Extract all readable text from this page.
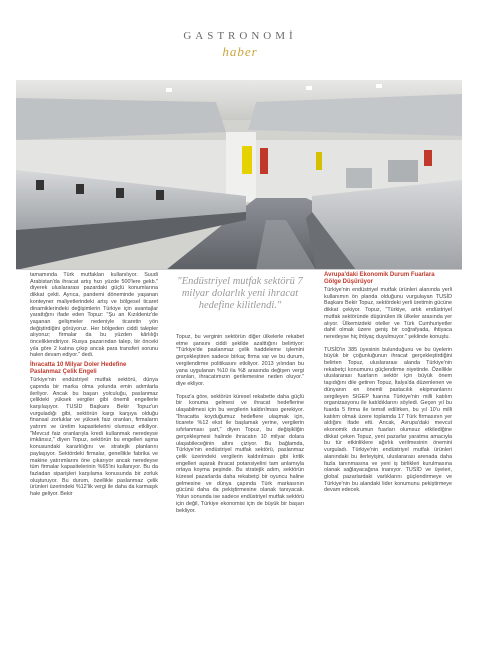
GASTRONOMİ
haber

tamamında Türk mutfakları kullanılıyor. Suudi Arabistan'da ihracat artış hızı yüzde 500'lere gekb." diyerek uluslararası pazardaki güçlü konumlarına dikkat çekti. Ayrıca, pandemi döneminde yaşanan konteyner maliyetlerindeki artış ve bölgesel ticaret dinamiklerindeki değişimlerin Türkiye için avantajlar yarattığını ifade eden Topuz: "Şu an Kızıldeniz'de yaşanan gelişmeler nedeniyle ticaretin yön değiştirdiğini görüyoruz. Her bölgeden ciddi talepler alıyoruz; firmalar da bu yüzden kârlılığı önceliklendiriyor. Rusya pazarından talep, bir önceki yıla göre 2 katına çıkıp ancak para transferi sorunu halen devam ediyor." dedi.

İhracatta 10 Milyar Doler Hedefine Paslanmaz Çelik Engeli

Türkiye'nin endüstriyel mutfak sektörü, dünya çapında bir marka olma yolunda emin adımlarla ilerliyor. Ancak bu başarı yolculuğu, paslanmaz çelikteki yüksek vergiler gibi önemli engellerle karşılaşıyor. TUSİD Başkanı Bekir Topuz'un vurguladığı gibi, sektörün kargı karşıya olduğu finansal zorluklar ve yüksek faiz oranları, firmaların yatırım ve üretim kapasitelerini olumsuz etkiliyor. "Mevcut faiz oranlarıyla kredi kullanmak neredeyse imkânsız," diyen Topuz, sektörün bu engelleri aşma konusundaki kararlılığını ve stratejik planlarını paylaşıyor. Sektördeki firmalar, genellikle fabrika ve makine yatırımlarını öne çıkarıyor ancak neredeyse tüm firmalar kapasitelerinin %65'ini kullanıyor. Bu da fazladan siparişleri karşılama konusunda bir zorluk oluşturuyor. Bu durum, özellikle paslanmaz çelik ürünleri üzerindeki %12'lik vergi ile daha da karmaşık hale geliyor. Bekir

"Endüstriyel mutfak sektörü 7 milyar dolarlık yeni ihracat hedefine kilitlendi."

Topuz, bu verginin sektörün diğer ülkelerle rekabet etme şansını ciddi şekilde azalttığını belirtiyor: "Türkiye'de paslanmaz çelik haddeleme işlemini gerçekleştiren sadece birkaç firma var ve bu durum, vergilendirme politikasını etkiliyor. 2013 yılından bu yana uygulanan %10 ila %8 arasında değişen vergi oranları, ihracatımızın gerilemesine neden oluyor." diye ekliyor.

Topuz'a göre, sektörün küresel rekabette daha güçlü bir konuma gelmesi ve ihracat hedeflerine ulaşabilmesi için bu vergilerin kaldırılması gerekiyor. "İhracatta koyduğumuz hedeflere ulaşmak için, ticarete %12 ekst ile başlamak yerine, vergilerin sıfırlanması şart," diyen Topuz, bu değişikliğin gerçekleşmesi halinde ihracatın 10 milyar dolara ulaşabileceğinin altını çiziyor. Bu bağlamda, Türkiye'nin endüstriyel mutfak sektörü, paslanmaz çelik üzerindeki vergilerin kaldırılması gibi kritik engelleri aşarak ihracat potansiyelini tam anlamıyla ortaya koyma peşinde. Bu stratejik adım, sektörün küresel pazarlarda daha rekabetçi bir oyuncu haline gelmesine ve dünya çapında Türk markasının gücünü daha da pekiştirmesine olanak tanıyacak. Yolun sonunda ise sadece endüstriyel mutfak sektörü için değil, Türkiye ekonomisi için de büyük bir başarı bekliyor.

Avrupa'daki Ekonomik Durum Fuarlara Gölge Düşürüyor

Türkiye'nin endüstriyel mutfak ürünleri alanında yerli kullanımın ön planda olduğunu vurgulayan TUSİD Başkanı Bekir Topuz, sektördeki yerli üretimin gücüne dikkat çekiyor. Topuz, "Türkiye, artık endüstriyel mutfak sektöründe düşünülen ilk ülkeler arasında yer alıyor. Ülkemizdeki oteller ve Türk Cumhuriyetler dahil olmak üzere geniş bir coğrafyada, ihtiyaca neredeyse hiç ihtiyaç duyulmuyor." şeklinde konuştu.

TUSİD'in 385 üyesinin bulunduğunu ve bu üyelerin büyük bir çoğunluğunun ihracat gerçekleştirdiğini belirten Topuz, uluslararası alanda Türkiye'nin rekabetçi konumunu güçlendirme niyetinde. Özellikle uluslararası fuarların sektör için büyük önem taşıdığını dile getiren Topuz, İtalya'da düzenlenen ve dünyanın en önemli pastacılık ekipmanlarını sergileyen SIGEP fuarına Türkiye'nin milli katılım organizasyonu ile katıldıklarını söyledi. Geçen yıl bu fuarda 5 firma ile temsil edilirken, bu yıl 10'u milli katılım olmak üzere toplamda 17 Türk firmasının yer aldığını ifade etti. Ancak, Avrupa'daki mevcut ekonomik durumun fuarları olumsuz etkilediğine dikkat çeken Topuz, yeni pazarlar yaratma amacıyla bu tür etkinliklere ağırlık verilmesinin önemini vurguladı. Türkiye'nin endüstriyel mutfak ürünleri alanındaki bu ilerleyişini, uluslararası arenada daha fazla tanınmasına ve yeni iş birlikleri kurulmasına olanak sağlayacağına inanıyor. TUSİD ve üyeleri, global pazarlardaki varlıklarını güçlendirmeye ve Türkiye'nin bu alandaki lider konumunu pekiştirmeye devam edecek.
